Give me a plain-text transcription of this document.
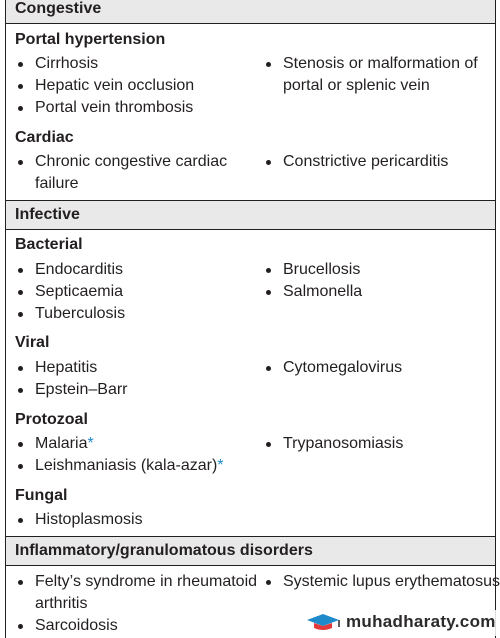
Congestive
Portal hypertension
Cirrhosis
Hepatic vein occlusion
Portal vein thrombosis
Stenosis or malformation of portal or splenic vein
Cardiac
Chronic congestive cardiac failure
Constrictive pericarditis
Infective
Bacterial
Endocarditis
Septicaemia
Tuberculosis
Brucellosis
Salmonella
Viral
Hepatitis
Epstein–Barr
Cytomegalovirus
Protozoal
Malaria*
Leishmaniasis (kala-azar)*
Trypanosomiasis
Fungal
Histoplasmosis
Inflammatory/granulomatous disorders
Felty’s syndrome in rheumatoid arthritis
Sarcoidosis
Systemic lupus erythematosus
muhadharaty.com
